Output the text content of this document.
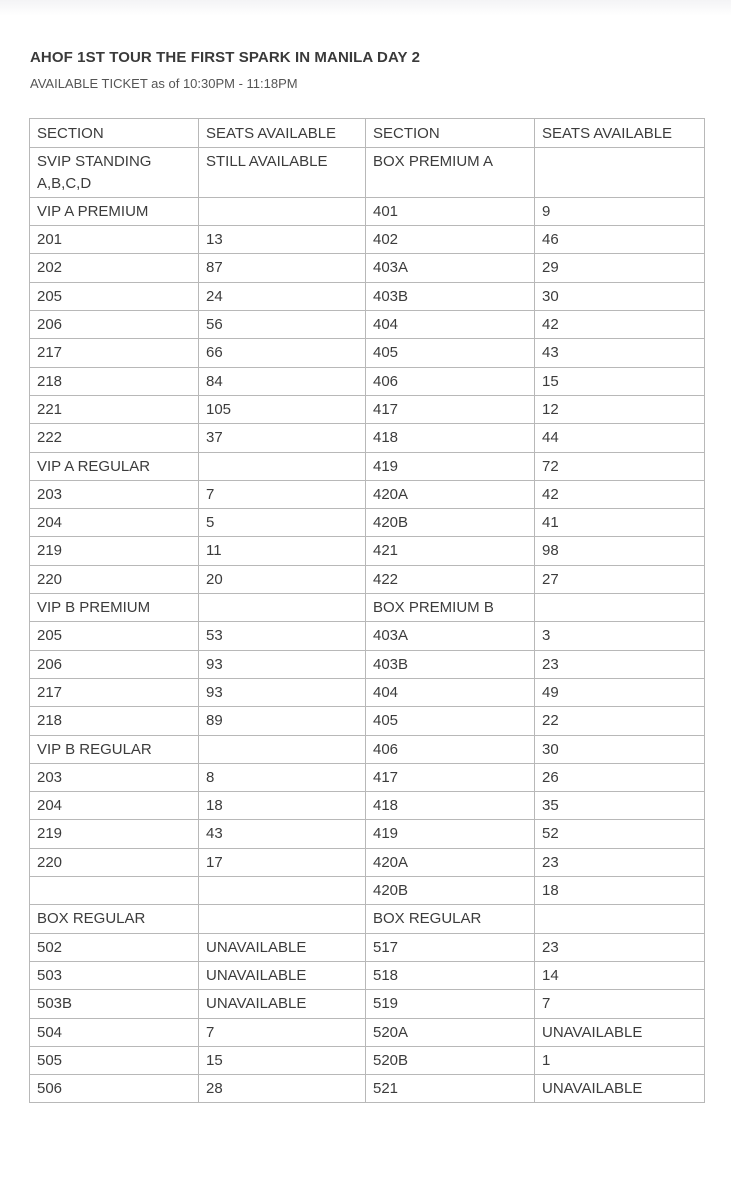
AHOF 1ST TOUR THE FIRST SPARK IN MANILA DAY 2
AVAILABLE TICKET as of 10:30PM - 11:18PM
SECTION	SEATS AVAILABLE	SECTION	SEATS AVAILABLE
SVIP STANDING A,B,C,D	STILL AVAILABLE	BOX PREMIUM A	
VIP A PREMIUM		401	9
201	13	402	46
202	87	403A	29
205	24	403B	30
206	56	404	42
217	66	405	43
218	84	406	15
221	105	417	12
222	37	418	44
VIP A REGULAR		419	72
203	7	420A	42
204	5	420B	41
219	11	421	98
220	20	422	27
VIP B PREMIUM		BOX PREMIUM B	
205	53	403A	3
206	93	403B	23
217	93	404	49
218	89	405	22
VIP B REGULAR		406	30
203	8	417	26
204	18	418	35
219	43	419	52
220	17	420A	23
		420B	18
BOX REGULAR		BOX REGULAR	
502	UNAVAILABLE	517	23
503	UNAVAILABLE	518	14
503B	UNAVAILABLE	519	7
504	7	520A	UNAVAILABLE
505	15	520B	1
506	28	521	UNAVAILABLE
